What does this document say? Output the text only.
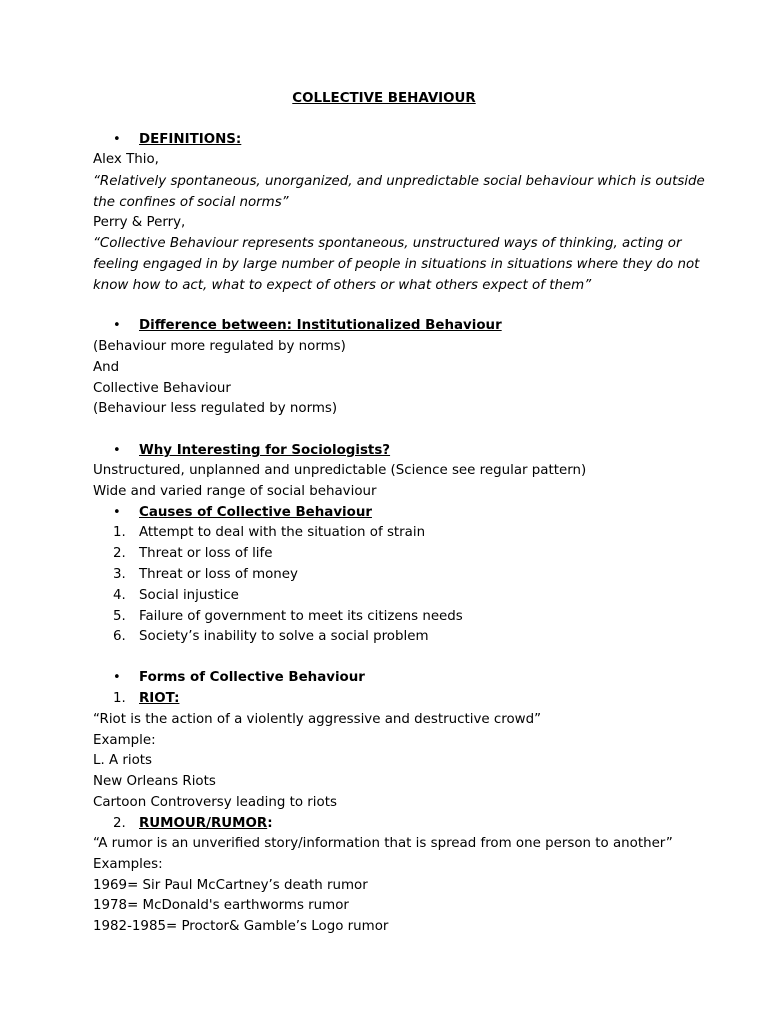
COLLECTIVE BEHAVIOUR
• DEFINITIONS:
Alex Thio,
“Relatively spontaneous, unorganized, and unpredictable social behaviour which is outside
the confines of social norms”
Perry & Perry,
“Collective Behaviour represents spontaneous, unstructured ways of thinking, acting or
feeling engaged in by large number of people in situations in situations where they do not
know how to act, what to expect of others or what others expect of them”
• Difference between: Institutionalized Behaviour
(Behaviour more regulated by norms)
And
Collective Behaviour
(Behaviour less regulated by norms)
• Why Interesting for Sociologists?
Unstructured, unplanned and unpredictable (Science see regular pattern)
Wide and varied range of social behaviour
• Causes of Collective Behaviour
1. Attempt to deal with the situation of strain
2. Threat or loss of life
3. Threat or loss of money
4. Social injustice
5. Failure of government to meet its citizens needs
6. Society’s inability to solve a social problem
• Forms of Collective Behaviour
1. RIOT:
“Riot is the action of a violently aggressive and destructive crowd”
Example:
L. A riots
New Orleans Riots
Cartoon Controversy leading to riots
2. RUMOUR/RUMOR:
“A rumor is an unverified story/information that is spread from one person to another”
Examples:
1969= Sir Paul McCartney’s death rumor
1978= McDonald's earthworms rumor
1982-1985= Proctor& Gamble’s Logo rumor
